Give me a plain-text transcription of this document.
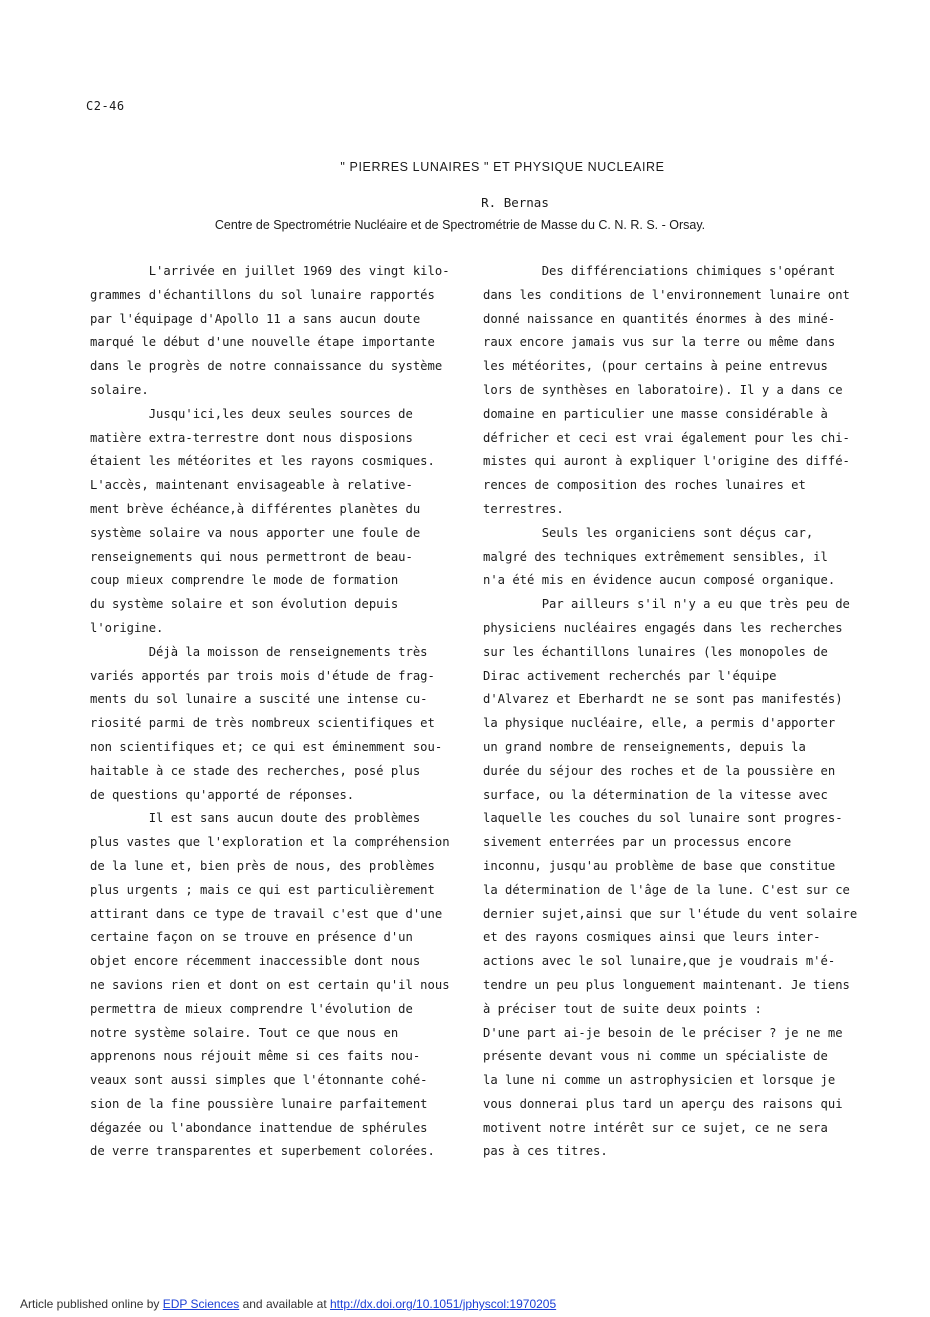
C2-46
" PIERRES LUNAIRES " ET PHYSIQUE NUCLEAIRE
R. Bernas
Centre de Spectrométrie Nucléaire et de Spectrométrie de Masse du C. N. R. S. - Orsay.
L'arrivée en juillet 1969 des vingt kilo-
grammes d'échantillons du sol lunaire rapportés
par l'équipage d'Apollo 11 a sans aucun doute
marqué le début d'une nouvelle étape importante
dans le progrès de notre connaissance du système
solaire.
Jusqu'ici,les deux seules sources de
matière extra-terrestre dont nous disposions
étaient les météorites et les rayons cosmiques.
L'accès, maintenant envisageable à relative-
ment brève échéance,à différentes planètes du
système solaire va nous apporter une foule de
renseignements qui nous permettront de beau-
coup mieux comprendre le mode de formation
du système solaire et son évolution depuis
l'origine.
Déjà la moisson de renseignements très
variés apportés par trois mois d'étude de frag-
ments du sol lunaire a suscité une intense cu-
riosité parmi de très nombreux scientifiques et
non scientifiques et; ce qui est éminemment sou-
haitable à ce stade des recherches, posé plus
de questions qu'apporté de réponses.
Il est sans aucun doute des problèmes
plus vastes que l'exploration et la compréhension
de la lune et, bien près de nous, des problèmes
plus urgents ; mais ce qui est particulièrement
attirant dans ce type de travail c'est que d'une
certaine façon on se trouve en présence d'un
objet encore récemment inaccessible dont nous
ne savions rien et dont on est certain qu'il nous
permettra de mieux comprendre l'évolution de
notre système solaire. Tout ce que nous en
apprenons nous réjouit même si ces faits nou-
veaux sont aussi simples que l'étonnante cohé-
sion de la fine poussière lunaire parfaitement
dégazée ou l'abondance inattendue de sphérules
de verre transparentes et superbement colorées.
Des différenciations chimiques s'opérant
dans les conditions de l'environnement lunaire ont
donné naissance en quantités énormes à des miné-
raux encore jamais vus sur la terre ou même dans
les météorites, (pour certains à peine entrevus
lors de synthèses en laboratoire). Il y a dans ce
domaine en particulier une masse considérable à
défricher et ceci est vrai également pour les chi-
mistes qui auront à expliquer l'origine des diffé-
rences de composition des roches lunaires et
terrestres.
Seuls les organiciens sont déçus car,
malgré des techniques extrêmement sensibles, il
n'a été mis en évidence aucun composé organique.
Par ailleurs s'il n'y a eu que très peu de
physiciens nucléaires engagés dans les recherches
sur les échantillons lunaires (les monopoles de
Dirac activement recherchés par l'équipe
d'Alvarez et Eberhardt ne se sont pas manifestés)
la physique nucléaire, elle, a permis d'apporter
un grand nombre de renseignements, depuis la
durée du séjour des roches et de la poussière en
surface, ou la détermination de la vitesse avec
laquelle les couches du sol lunaire sont progres-
sivement enterrées par un processus encore
inconnu, jusqu'au problème de base que constitue
la détermination de l'âge de la lune. C'est sur ce
dernier sujet,ainsi que sur l'étude du vent solaire
et des rayons cosmiques ainsi que leurs inter-
actions avec le sol lunaire,que je voudrais m'é-
tendre un peu plus longuement maintenant. Je tiens
à préciser tout de suite deux points :
D'une part ai-je besoin de le préciser ? je ne me
présente devant vous ni comme un spécialiste de
la lune ni comme un astrophysicien et lorsque je
vous donnerai plus tard un aperçu des raisons qui
motivent notre intérêt sur ce sujet, ce ne sera
pas à ces titres.
Article published online by EDP Sciences and available at http://dx.doi.org/10.1051/jphyscol:1970205
